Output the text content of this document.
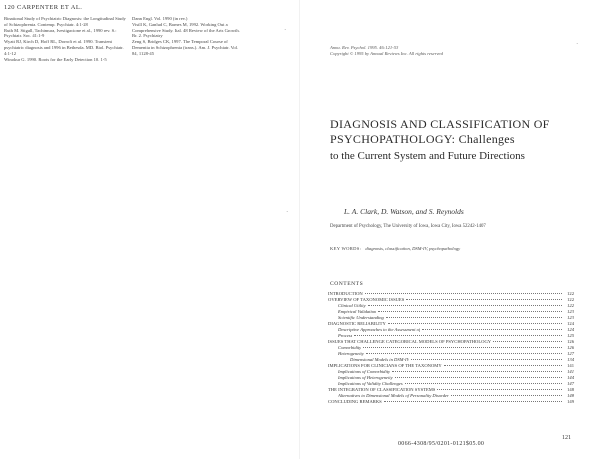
120 CARPENTER ET AL.
Binational Study of Psychiatric Diagnosis: the Longitudinal Study of Schizophrenia. Contemp. Psychiatr. 4:1-28
Ruth M. Stigall, Tachimura, Ivestigacione et al., 1990 rev. S.: Psychiatr. Soc. 41:1-9
Wyatt RJ, Kirch D, Hoff RL, Dorrofi et al. 1990. Transient psychiatric diagnosis and 1996 in Bethesda. MD. Biol. Psychiatr. 4:1-12
Winokur G. 1990. Roots for the Early Detection 10. 1-5
Dann Engl. Vol. 1990 (in rev.)
Visill K, Ganlud C, Barnes M, 1992. Working Out a Comprehensive Study. Ital. 48 Review of the Arts Growth. Br. 2. Psychiatry
Zeng S, Bridges CK, 1997. The Temporal Course of Dementia in Schizophrenia (trans.). Am. J. Psychiatr. Vol. 84, 1128-45
·
·
Annu. Rev. Psychol. 1995. 46:121-53
Copyright © 1995 by Annual Reviews Inc. All rights reserved
·
DIAGNOSIS AND CLASSIFICATION OF PSYCHOPATHOLOGY: Challenges
to the Current System and Future Directions
L. A. Clark, D. Watson, and S. Reynolds
Department of Psychology, The University of Iowa, Iowa City, Iowa 52242-1407
KEY WORDS: diagnosis, classification, DSM-IV, psychopathology
CONTENTS
INTRODUCTION	122
OVERVIEW OF TAXONOMIC ISSUES	122
Clinical Utility	122
Empirical Validation	123
Scientific Understanding	123
DIAGNOSTIC RELIABILITY	124
Descriptive Approaches to the Assessment of	124
Process	125
ISSUES THAT CHALLENGE CATEGORICAL MODELS OF PSYCHOPATHOLOGY	126
Comorbidity	126
Heterogeneity	127
Dimensional Models in DSM-IV	134
IMPLICATIONS FOR CLINICIANS OF THE TAXONOMY	141
Implications of Comorbidity	141
Implications of Heterogeneity	144
Implications of Validity Challenges	147
THE INTEGRATION OF CLASSIFICATION SYSTEMS	148
Alternatives to Dimensional Models of Personality Disorder	148
CONCLUDING REMARKS	149
121
0066-4308/95/0201-0121$05.00
